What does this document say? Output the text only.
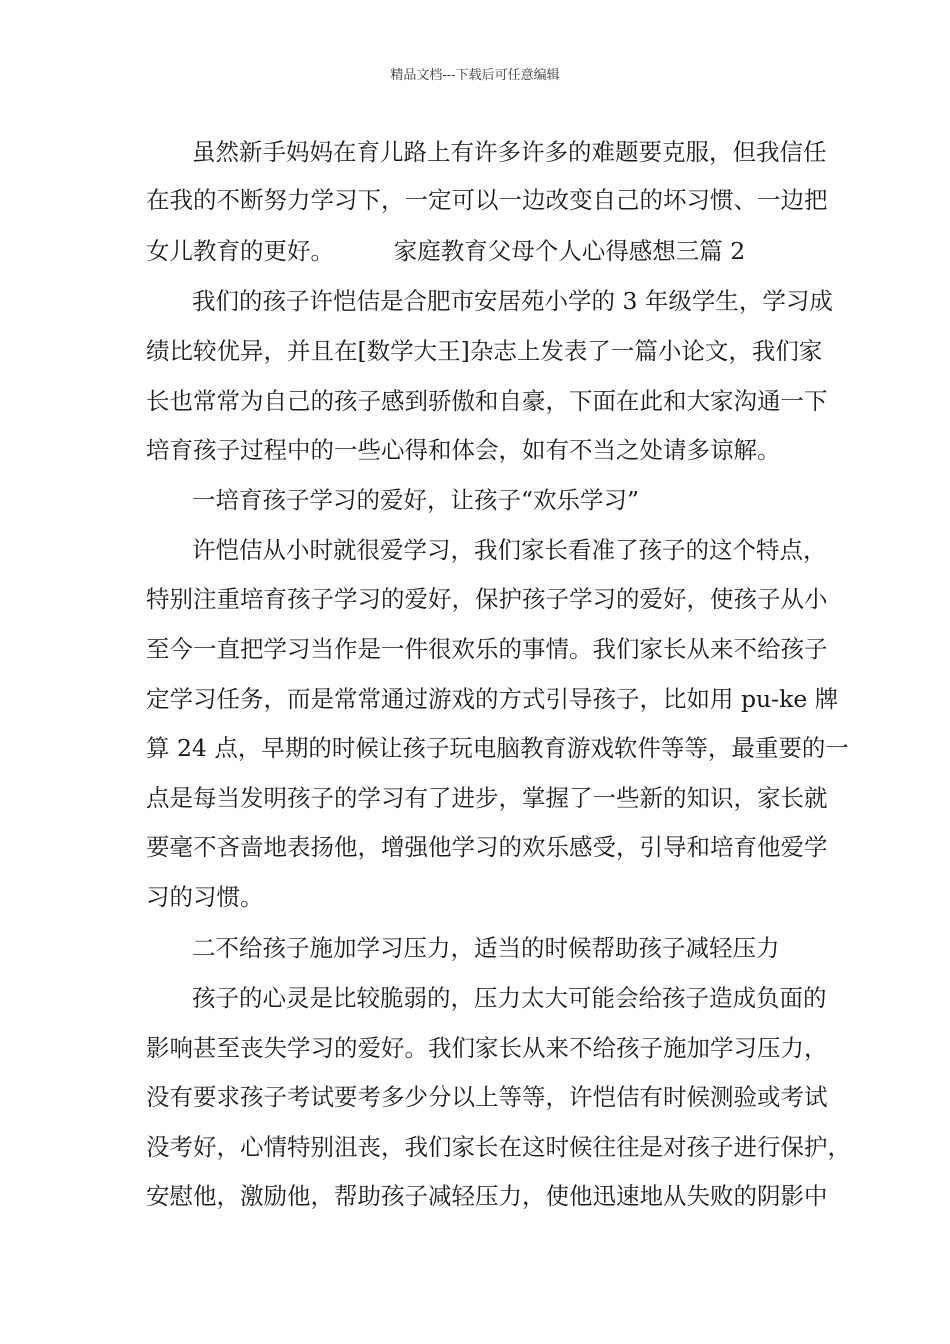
精品文档---下载后可任意编辑
虽然新手妈妈在育儿路上有许多许多的难题要克服，但我信任
在我的不断努力学习下，一定可以一边改变自己的坏习惯、一边把
女儿教育的更好。        家庭教育父母个人心得感想三篇 2
我们的孩子许恺佶是合肥市安居苑小学的 3 年级学生，学习成
绩比较优异，并且在[数学大王]杂志上发表了一篇小论文，我们家
长也常常为自己的孩子感到骄傲和自豪，下面在此和大家沟通一下
培育孩子过程中的一些心得和体会，如有不当之处请多谅解。
一培育孩子学习的爱好，让孩子“欢乐学习”
许恺佶从小时就很爱学习，我们家长看准了孩子的这个特点，
特别注重培育孩子学习的爱好，保护孩子学习的爱好，使孩子从小
至今一直把学习当作是一件很欢乐的事情。我们家长从来不给孩子
定学习任务，而是常常通过游戏的方式引导孩子，比如用 pu-ke 牌
算 24 点，早期的时候让孩子玩电脑教育游戏软件等等，最重要的一
点是每当发明孩子的学习有了进步，掌握了一些新的知识，家长就
要毫不吝啬地表扬他，增强他学习的欢乐感受，引导和培育他爱学
习的习惯。
二不给孩子施加学习压力，适当的时候帮助孩子减轻压力
孩子的心灵是比较脆弱的，压力太大可能会给孩子造成负面的
影响甚至丧失学习的爱好。我们家长从来不给孩子施加学习压力，
没有要求孩子考试要考多少分以上等等，许恺佶有时候测验或考试
没考好，心情特别沮丧，我们家长在这时候往往是对孩子进行保护，
安慰他，激励他，帮助孩子减轻压力，使他迅速地从失败的阴影中
